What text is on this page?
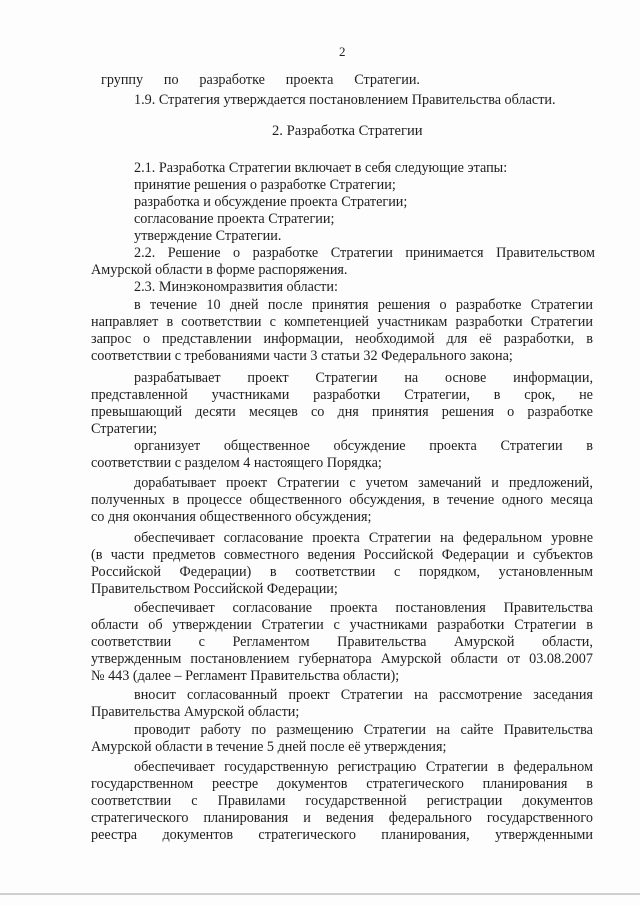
2
группу по разработке проекта Стратегии.
1.9. Стратегия утверждается постановлением Правительства области.
2. Разработка Стратегии
2.1. Разработка Стратегии включает в себя следующие этапы:
принятие решения о разработке Стратегии;
разработка и обсуждение проекта Стратегии;
согласование проекта Стратегии;
утверждение Стратегии.
2.2. Решение о разработке Стратегии принимается Правительством
Амурской области в форме распоряжения.
2.3. Минэкономразвития области:
в течение 10 дней после принятия решения о разработке Стратегии
направляет в соответствии с компетенцией участникам разработки Стратегии
запрос о представлении информации, необходимой для её разработки, в
соответствии с требованиями части 3 статьи 32 Федерального закона;
разрабатывает проект Стратегии на основе информации,
представленной участниками разработки Стратегии, в срок, не
превышающий десяти месяцев со дня принятия решения о разработке
Стратегии;
организует общественное обсуждение проекта Стратегии в
соответствии с разделом 4 настоящего Порядка;
дорабатывает проект Стратегии с учетом замечаний и предложений,
полученных в процессе общественного обсуждения, в течение одного месяца
со дня окончания общественного обсуждения;
обеспечивает согласование проекта Стратегии на федеральном уровне
(в части предметов совместного ведения Российской Федерации и субъектов
Российской Федерации) в соответствии с порядком, установленным
Правительством Российской Федерации;
обеспечивает согласование проекта постановления Правительства
области об утверждении Стратегии с участниками разработки Стратегии в
соответствии с Регламентом Правительства Амурской области,
утвержденным постановлением губернатора Амурской области от 03.08.2007
№ 443 (далее – Регламент Правительства области);
вносит согласованный проект Стратегии на рассмотрение заседания
Правительства Амурской области;
проводит работу по размещению Стратегии на сайте Правительства
Амурской области в течение 5 дней после её утверждения;
обеспечивает государственную регистрацию Стратегии в федеральном
государственном реестре документов стратегического планирования в
соответствии с Правилами государственной регистрации документов
стратегического планирования и ведения федерального государственного
реестра документов стратегического планирования, утвержденными
